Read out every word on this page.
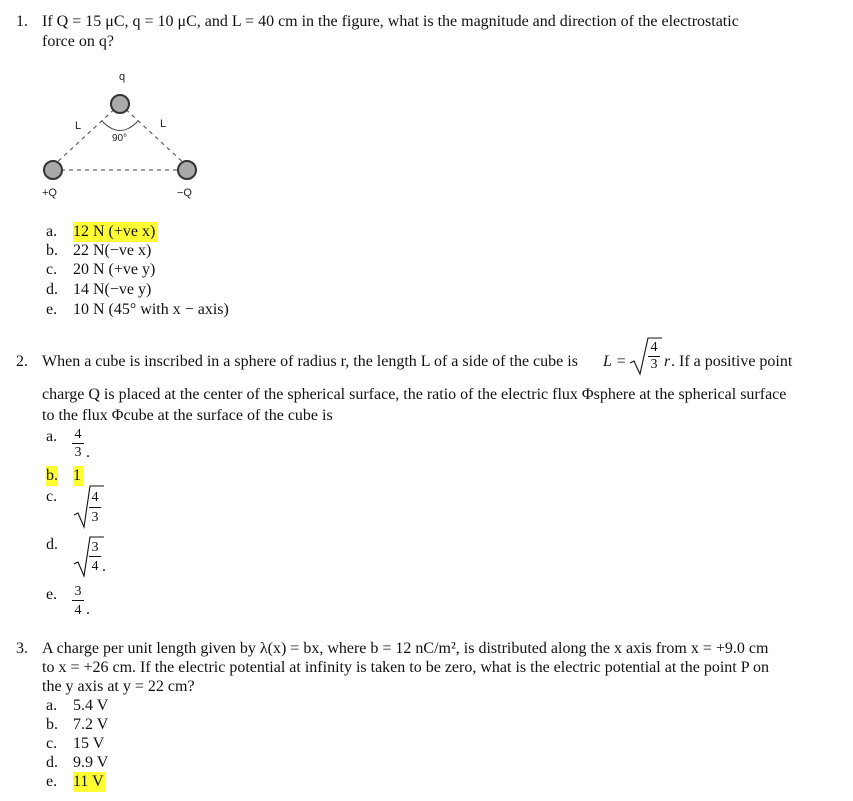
1. If Q = 15 μC, q = 10 μC, and L = 40 cm in the figure, what is the magnitude and direction of the electrostatic
force on q?
q
90°
L	L
+Q	−Q
a. 12 N (+ve x)
b. 22 N(−ve x)
c. 20 N (+ve y)
d. 14 N(−ve y)
e. 10 N (45° with x − axis)
2. When a cube is inscribed in a sphere of radius r, the length L of a side of the cube is L =
4
3 r . If a positive point
charge Q is placed at the center of the spherical surface, the ratio of the electric flux Φsphere at the spherical surface
to the flux Φcube at the surface of the cube is
a. 4
3 .
b. 1
c. 4
3
d. 3
4 .
e. 3
4 .
3. A charge per unit length given by λ(x) = bx, where b = 12 nC/m², is distributed along the x axis from x = +9.0 cm
to x = +26 cm. If the electric potential at infinity is taken to be zero, what is the electric potential at the point P on
the y axis at y = 22 cm?
a. 5.4 V
b. 7.2 V
c. 15 V
d. 9.9 V
e. 11 V
